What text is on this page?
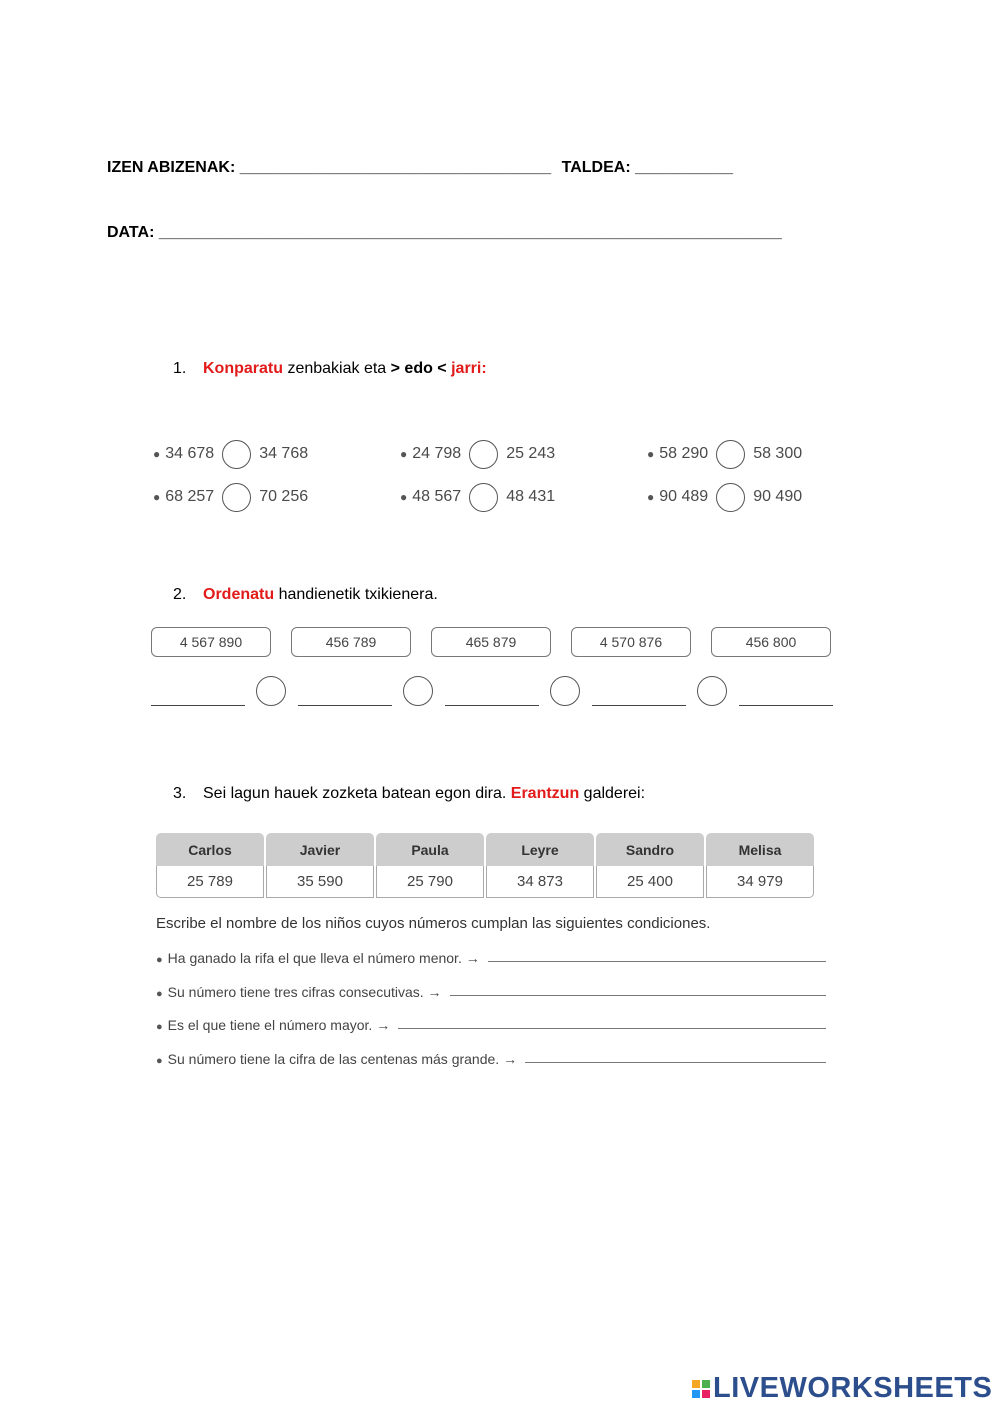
IZEN ABIZENAK: ___________________________________ TALDEA: ___________
DATA: ______________________________________________________________________
1. Konparatu zenbakiak eta > edo < jarri:
● 34 678	34 768	● 24 798	25 243	● 58 290	58 300
● 68 257	70 256	● 48 567	48 431	● 90 489	90 490
2. Ordenatu handienetik txikienera.
4 567 890	456 789	465 879	4 570 876	456 800
3. Sei lagun hauek zozketa batean egon dira. Erantzun galderei:
Carlos	Javier	Paula	Leyre	Sandro	Melisa
25 789	35 590	25 790	34 873	25 400	34 979
Escribe el nombre de los niños cuyos números cumplan las siguientes condiciones.
● Ha ganado la rifa el que lleva el número menor. →
● Su número tiene tres cifras consecutivas. →
● Es el que tiene el número mayor. →
● Su número tiene la cifra de las centenas más grande. →
LIVEWORKSHEETS
